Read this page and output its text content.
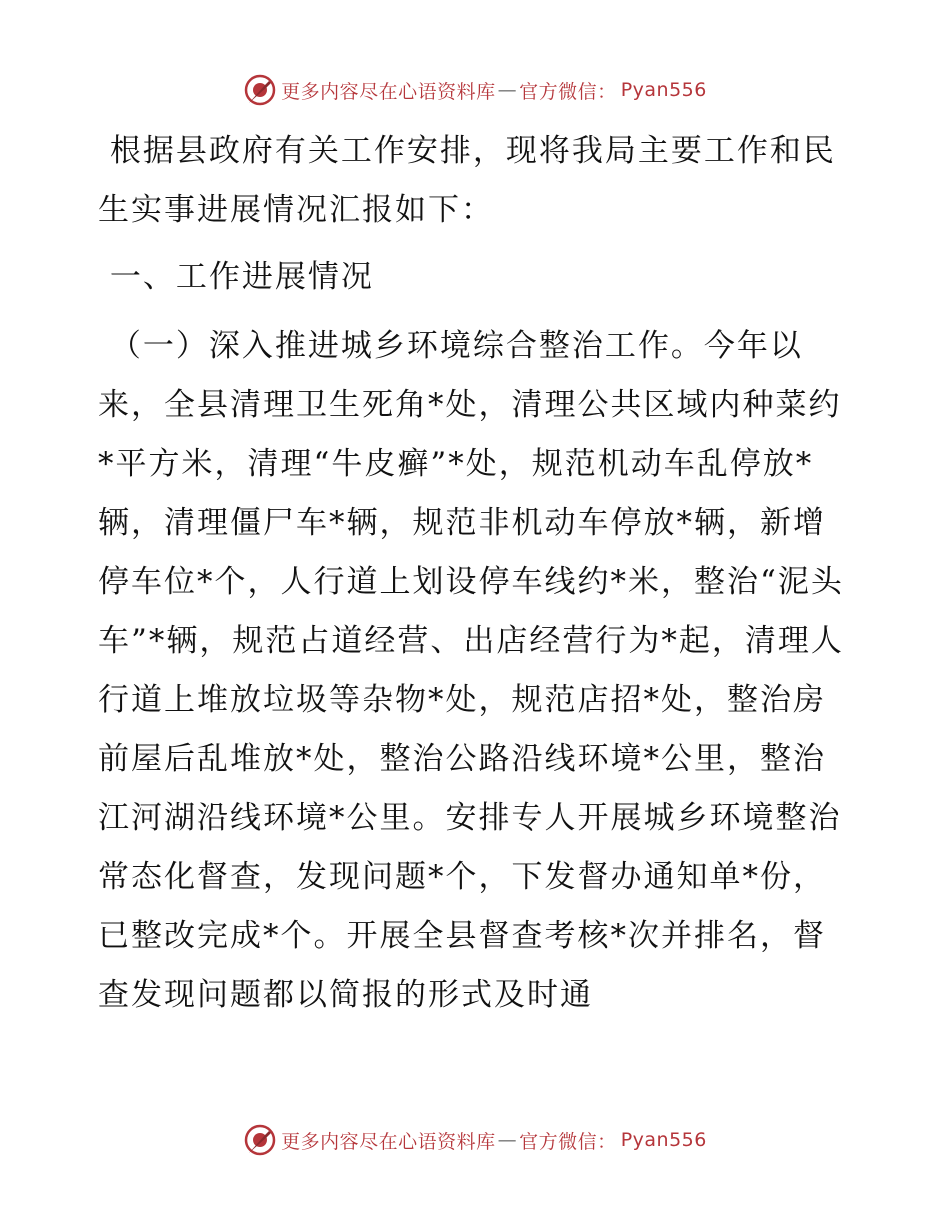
更多内容尽在心语资料库 — 官方微信： Pyan556

根据县政府有关工作安排，现将我局主要工作和民生实事进展情况汇报如下：

一、工作进展情况

（一）深入推进城乡环境综合整治工作。今年以来，全县清理卫生死角*处，清理公共区域内种菜约*平方米，清理“牛皮癣”*处，规范机动车乱停放*辆，清理僵尸车*辆，规范非机动车停放*辆，新增停车位*个，人行道上划设停车线约*米，整治“泥头车”*辆，规范占道经营、出店经营行为*起，清理人行道上堆放垃圾等杂物*处，规范店招*处，整治房前屋后乱堆放*处，整治公路沿线环境*公里，整治江河湖沿线环境*公里。安排专人开展城乡环境整治常态化督查，发现问题*个，下发督办通知单*份，已整改完成*个。开展全县督查考核*次并排名，督查发现问题都以简报的形式及时通

更多内容尽在心语资料库 — 官方微信： Pyan556
